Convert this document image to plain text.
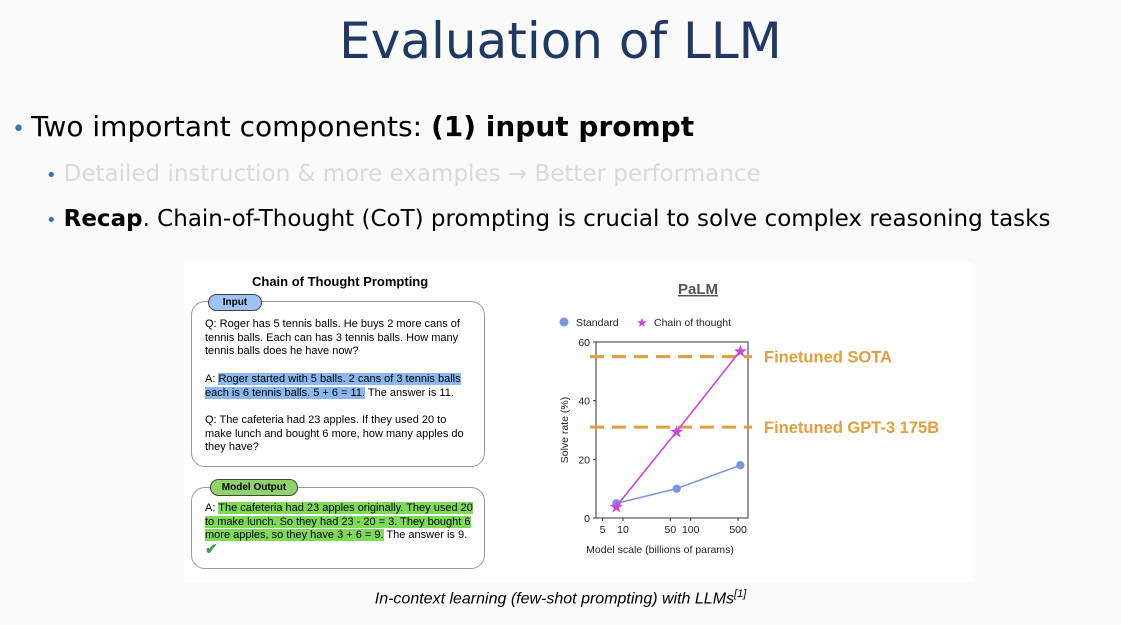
Evaluation of LLM
• Two important components: (1) input prompt
• Detailed instruction & more examples → Better performance
• Recap. Chain-of-Thought (CoT) prompting is crucial to solve complex reasoning tasks
Chain of Thought Prompting
Input
Q: Roger has 5 tennis balls. He buys 2 more cans of tennis balls. Each can has 3 tennis balls. How many tennis balls does he have now?
A: Roger started with 5 balls. 2 cans of 3 tennis balls each is 6 tennis balls. 5 + 6 = 11. The answer is 11.
Q: The cafeteria had 23 apples. If they used 20 to make lunch and bought 6 more, how many apples do they have?
Model Output
A: The cafeteria had 23 apples originally. They used 20 to make lunch. So they had 23 - 20 = 3. They bought 6 more apples, so they have 3 + 6 = 9. The answer is 9. ✔
PaLM
Standard ★ Chain of thought
0
20
40
60
5 10	50 100	500
Model scale (billions of params)
Solve rate (%)
Finetuned SOTA
Finetuned GPT-3 175B
★
★
★
In-context learning (few-shot prompting) with LLMs[1]
